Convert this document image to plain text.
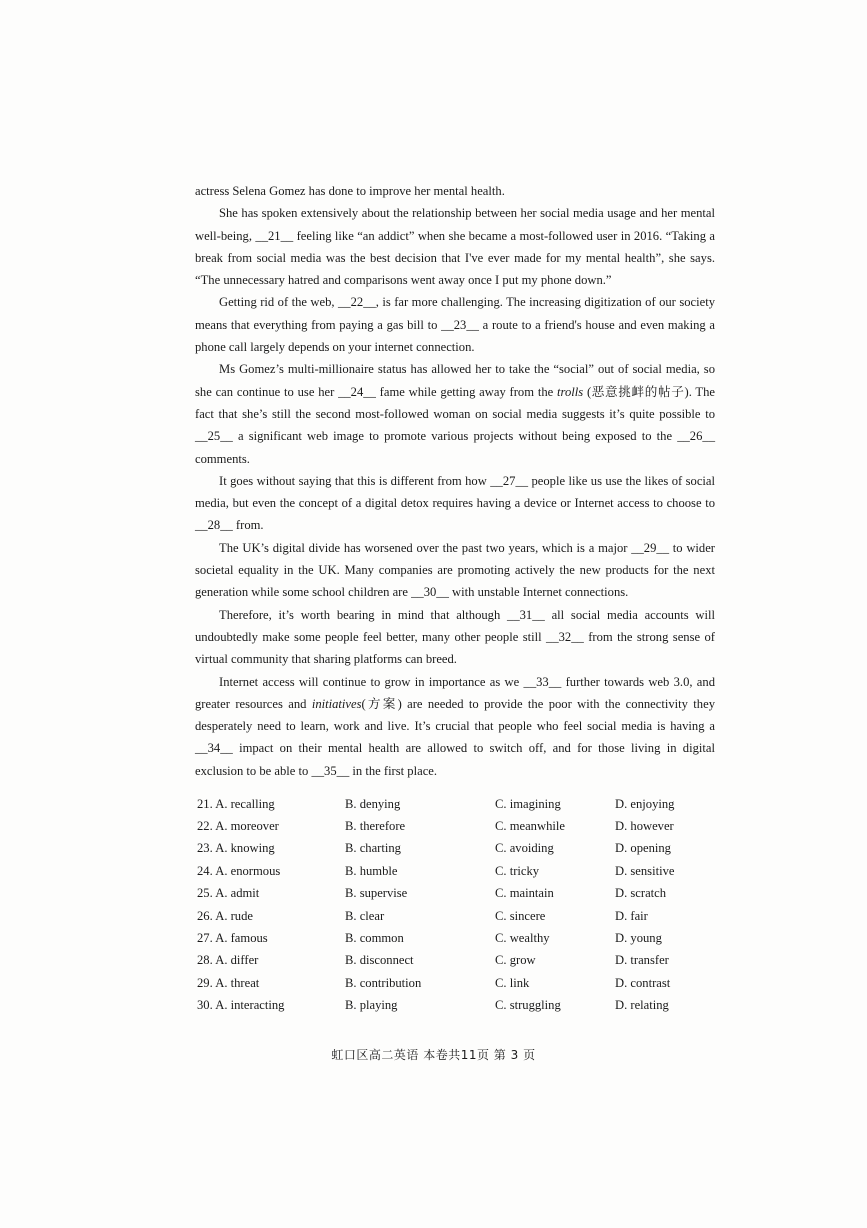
actress Selena Gomez has done to improve her mental health.

She has spoken extensively about the relationship between her social media usage and her mental well-being, __21__ feeling like “an addict” when she became a most-followed user in 2016. “Taking a break from social media was the best decision that I've ever made for my mental health”, she says. “The unnecessary hatred and comparisons went away once I put my phone down.”

Getting rid of the web, __22__, is far more challenging. The increasing digitization of our society means that everything from paying a gas bill to __23__ a route to a friend's house and even making a phone call largely depends on your internet connection.

Ms Gomez’s multi-millionaire status has allowed her to take the “social” out of social media, so she can continue to use her __24__ fame while getting away from the trolls (恶意挑衅的帖子). The fact that she’s still the second most-followed woman on social media suggests it’s quite possible to __25__ a significant web image to promote various projects without being exposed to the __26__ comments.

It goes without saying that this is different from how __27__ people like us use the likes of social media, but even the concept of a digital detox requires having a device or Internet access to choose to __28__ from.

The UK’s digital divide has worsened over the past two years, which is a major __29__ to wider societal equality in the UK. Many companies are promoting actively the new products for the next generation while some school children are __30__ with unstable Internet connections.

Therefore, it’s worth bearing in mind that although __31__ all social media accounts will undoubtedly make some people feel better, many other people still __32__ from the strong sense of virtual community that sharing platforms can breed.

Internet access will continue to grow in importance as we __33__ further towards web 3.0, and greater resources and initiatives(方案) are needed to provide the poor with the connectivity they desperately need to learn, work and live. It’s crucial that people who feel social media is having a __34__ impact on their mental health are allowed to switch off, and for those living in digital exclusion to be able to __35__ in the first place.

21. A. recalling	B. denying	C. imagining	D. enjoying
22. A. moreover	B. therefore	C. meanwhile	D. however
23. A. knowing	B. charting	C. avoiding	D. opening
24. A. enormous	B. humble	C. tricky	D. sensitive
25. A. admit	B. supervise	C. maintain	D. scratch
26. A. rude	B. clear	C. sincere	D. fair
27. A. famous	B. common	C. wealthy	D. young
28. A. differ	B. disconnect	C. grow	D. transfer
29. A. threat	B. contribution	C. link	D. contrast
30. A. interacting	B. playing	C. struggling	D. relating
虹口区高二英语 本卷共11页 第 3 页
